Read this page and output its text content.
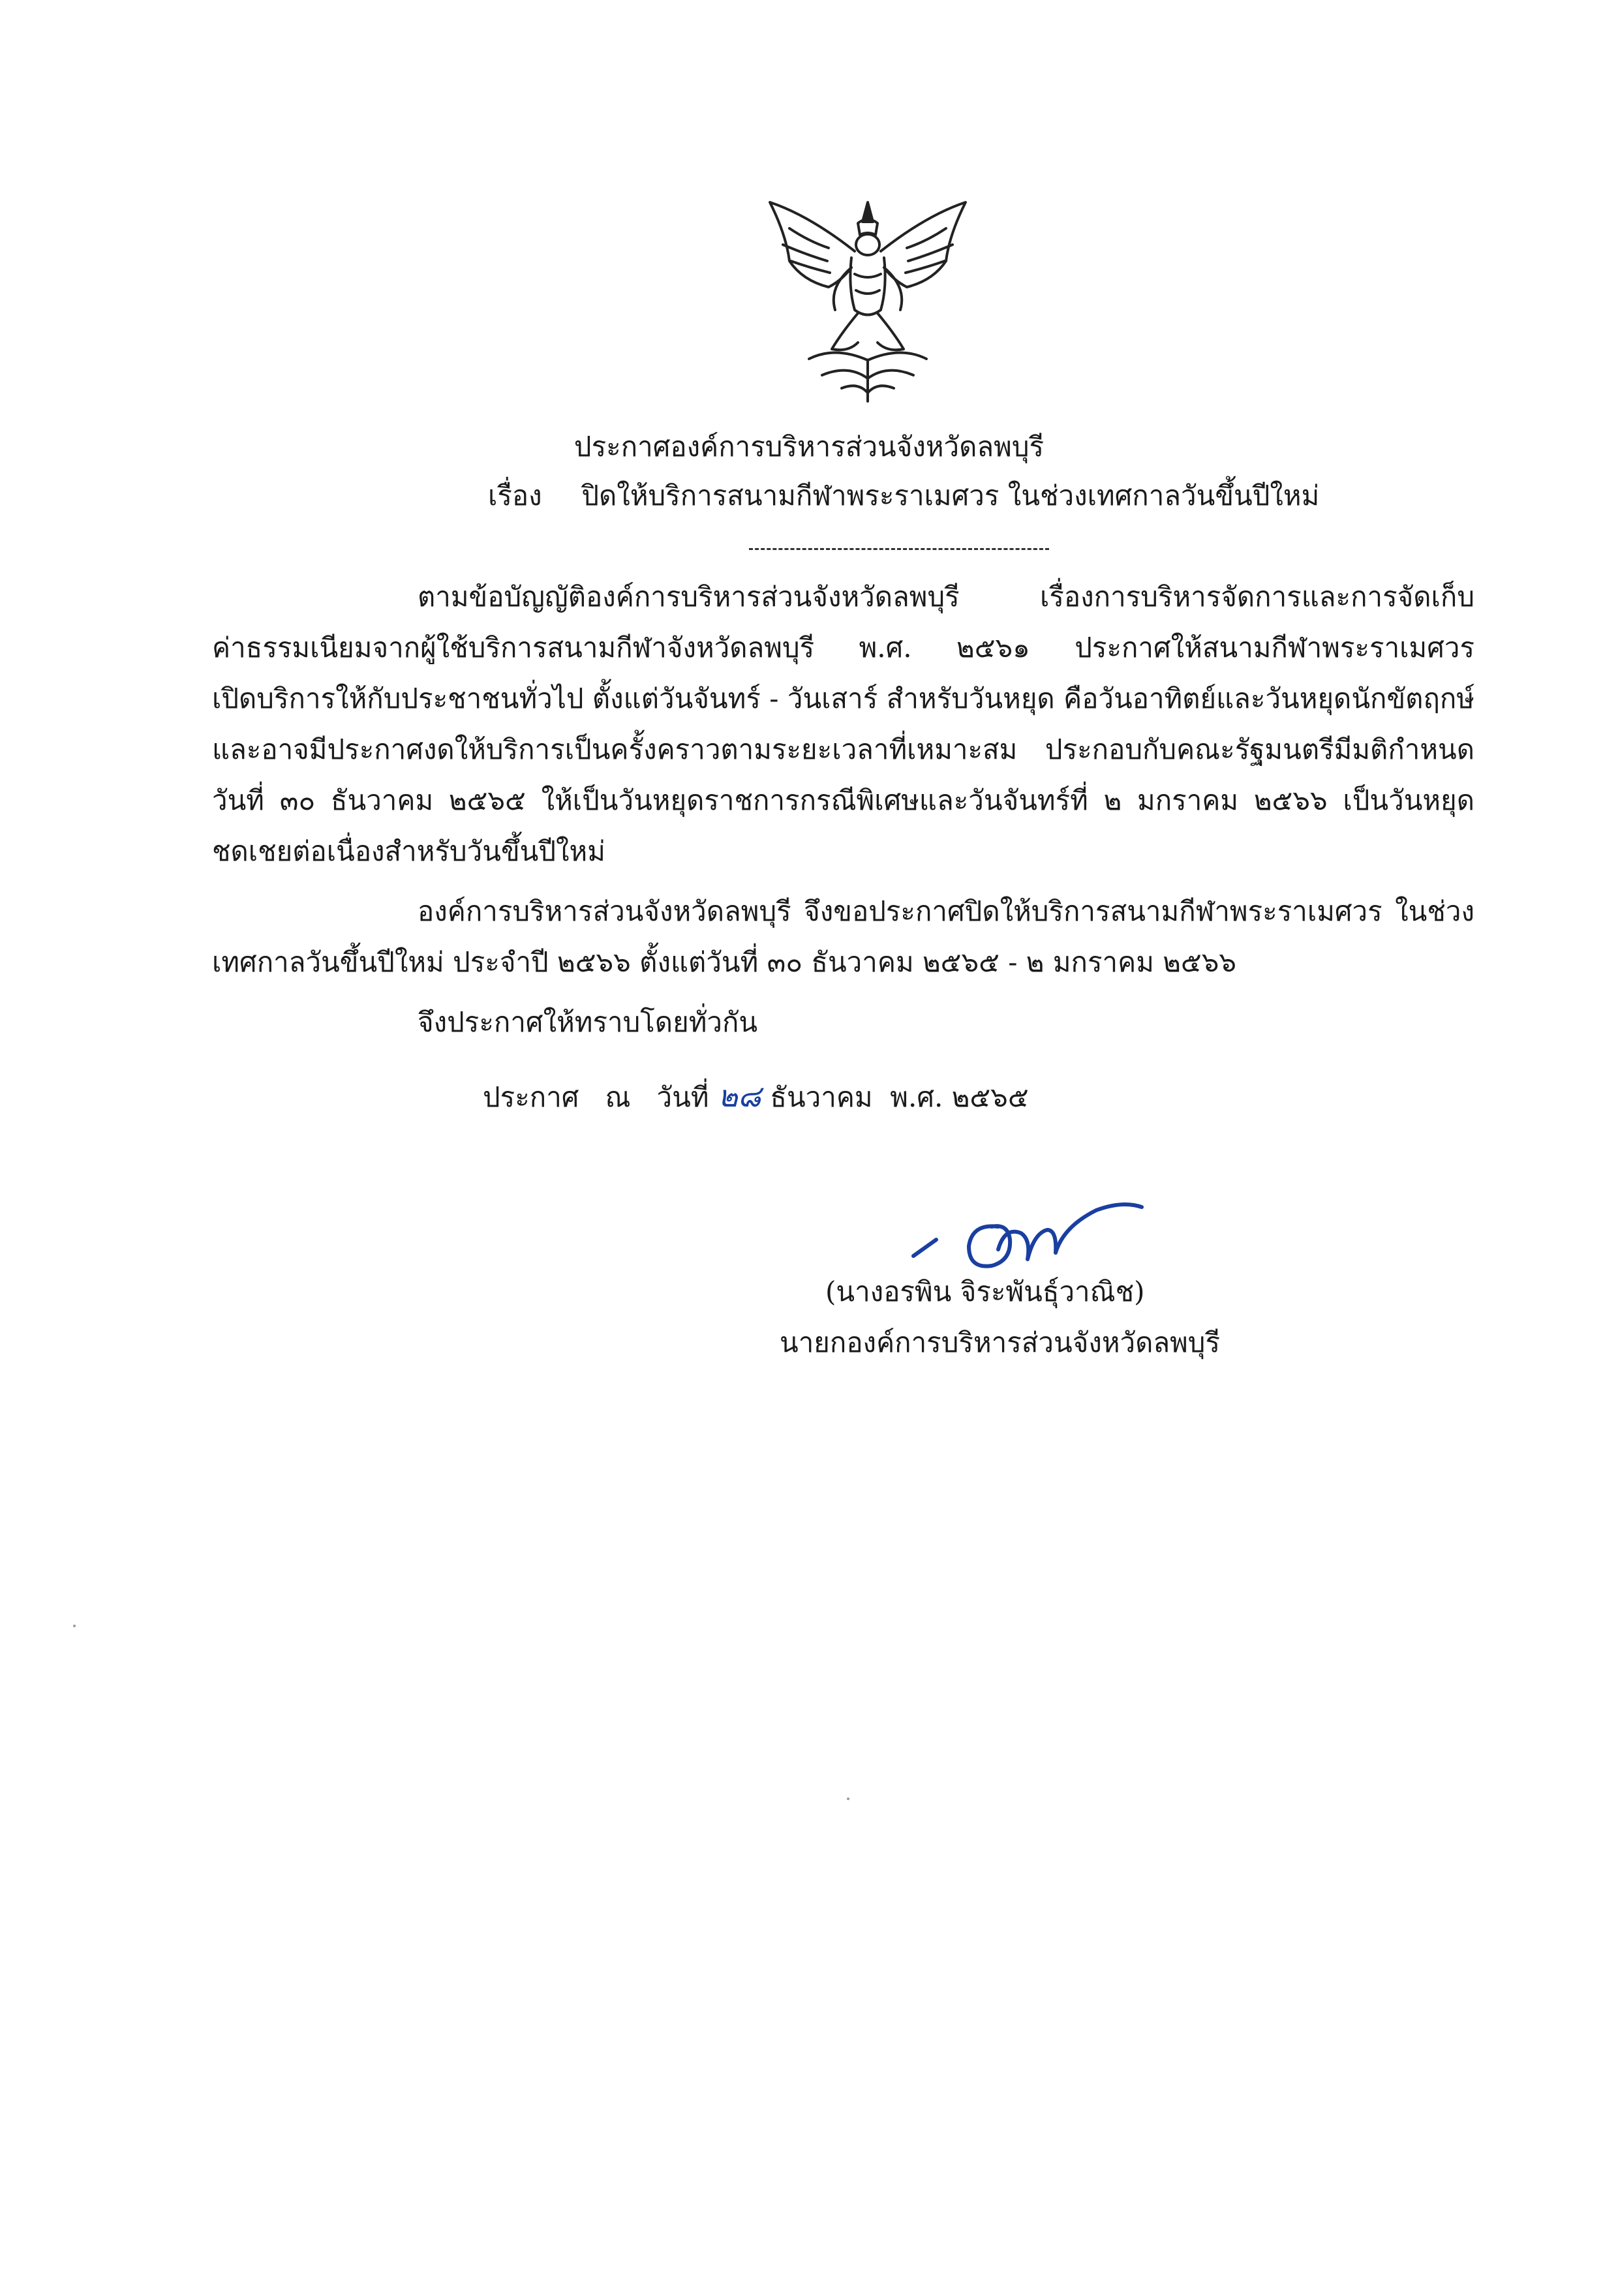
ประกาศองค์การบริหารส่วนจังหวัดลพบุรี
เรื่อง ปิดให้บริการสนามกีฬาพระราเมศวร ในช่วงเทศกาลวันขึ้นปีใหม่
ตามข้อบัญญัติองค์การบริหารส่วนจังหวัดลพบุรี เรื่องการบริหารจัดการและการจัดเก็บ
ค่าธรรมเนียมจากผู้ใช้บริการสนามกีฬาจังหวัดลพบุรี พ.ศ. ๒๕๖๑ ประกาศให้สนามกีฬาพระราเมศวร
เปิดบริการให้กับประชาชนทั่วไป ตั้งแต่วันจันทร์ - วันเสาร์ สำหรับวันหยุด คือวันอาทิตย์และวันหยุดนักขัตฤกษ์
และอาจมีประกาศงดให้บริการเป็นครั้งคราวตามระยะเวลาที่เหมาะสม ประกอบกับคณะรัฐมนตรีมีมติกำหนด
วันที่ ๓๐ ธันวาคม ๒๕๖๕ ให้เป็นวันหยุดราชการกรณีพิเศษและวันจันทร์ที่ ๒ มกราคม ๒๕๖๖ เป็นวันหยุด
ชดเชยต่อเนื่องสำหรับวันขึ้นปีใหม่
องค์การบริหารส่วนจังหวัดลพบุรี จึงขอประกาศปิดให้บริการสนามกีฬาพระราเมศวร ในช่วง
เทศกาลวันขึ้นปีใหม่ ประจำปี ๒๕๖๖ ตั้งแต่วันที่ ๓๐ ธันวาคม ๒๕๖๕ - ๒ มกราคม ๒๕๖๖
จึงประกาศให้ทราบโดยทั่วกัน
ประกาศ   ณ   วันที่ ๒๘ ธันวาคม  พ.ศ. ๒๕๖๕
(นางอรพิน จิระพันธุ์วาณิช)
นายกองค์การบริหารส่วนจังหวัดลพบุรี
